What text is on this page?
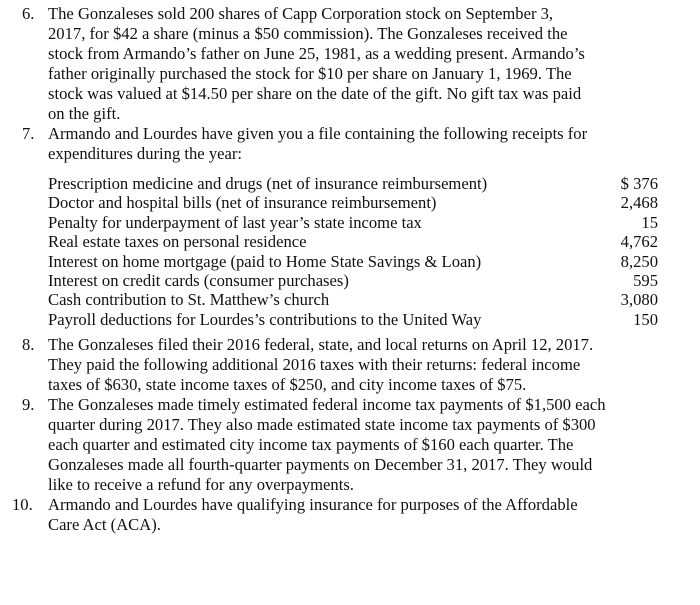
6. The Gonzaleses sold 200 shares of Capp Corporation stock on September 3,
2017, for $42 a share (minus a $50 commission). The Gonzaleses received the
stock from Armando’s father on June 25, 1981, as a wedding present. Armando’s
father originally purchased the stock for $10 per share on January 1, 1969. The
stock was valued at $14.50 per share on the date of the gift. No gift tax was paid
on the gift.

7. Armando and Lourdes have given you a file containing the following receipts for
expenditures during the year:

Prescription medicine and drugs (net of insurance reimbursement)	$ 376
Doctor and hospital bills (net of insurance reimbursement)	2,468
Penalty for underpayment of last year’s state income tax	15
Real estate taxes on personal residence	4,762
Interest on home mortgage (paid to Home State Savings & Loan)	8,250
Interest on credit cards (consumer purchases)	595
Cash contribution to St. Matthew’s church	3,080
Payroll deductions for Lourdes’s contributions to the United Way	150
8. The Gonzaleses filed their 2016 federal, state, and local returns on April 12, 2017.
They paid the following additional 2016 taxes with their returns: federal income
taxes of $630, state income taxes of $250, and city income taxes of $75.

9. The Gonzaleses made timely estimated federal income tax payments of $1,500 each
quarter during 2017. They also made estimated state income tax payments of $300
each quarter and estimated city income tax payments of $160 each quarter. The
Gonzaleses made all fourth-quarter payments on December 31, 2017. They would
like to receive a refund for any overpayments.

10. Armando and Lourdes have qualifying insurance for purposes of the Affordable
Care Act (ACA).
